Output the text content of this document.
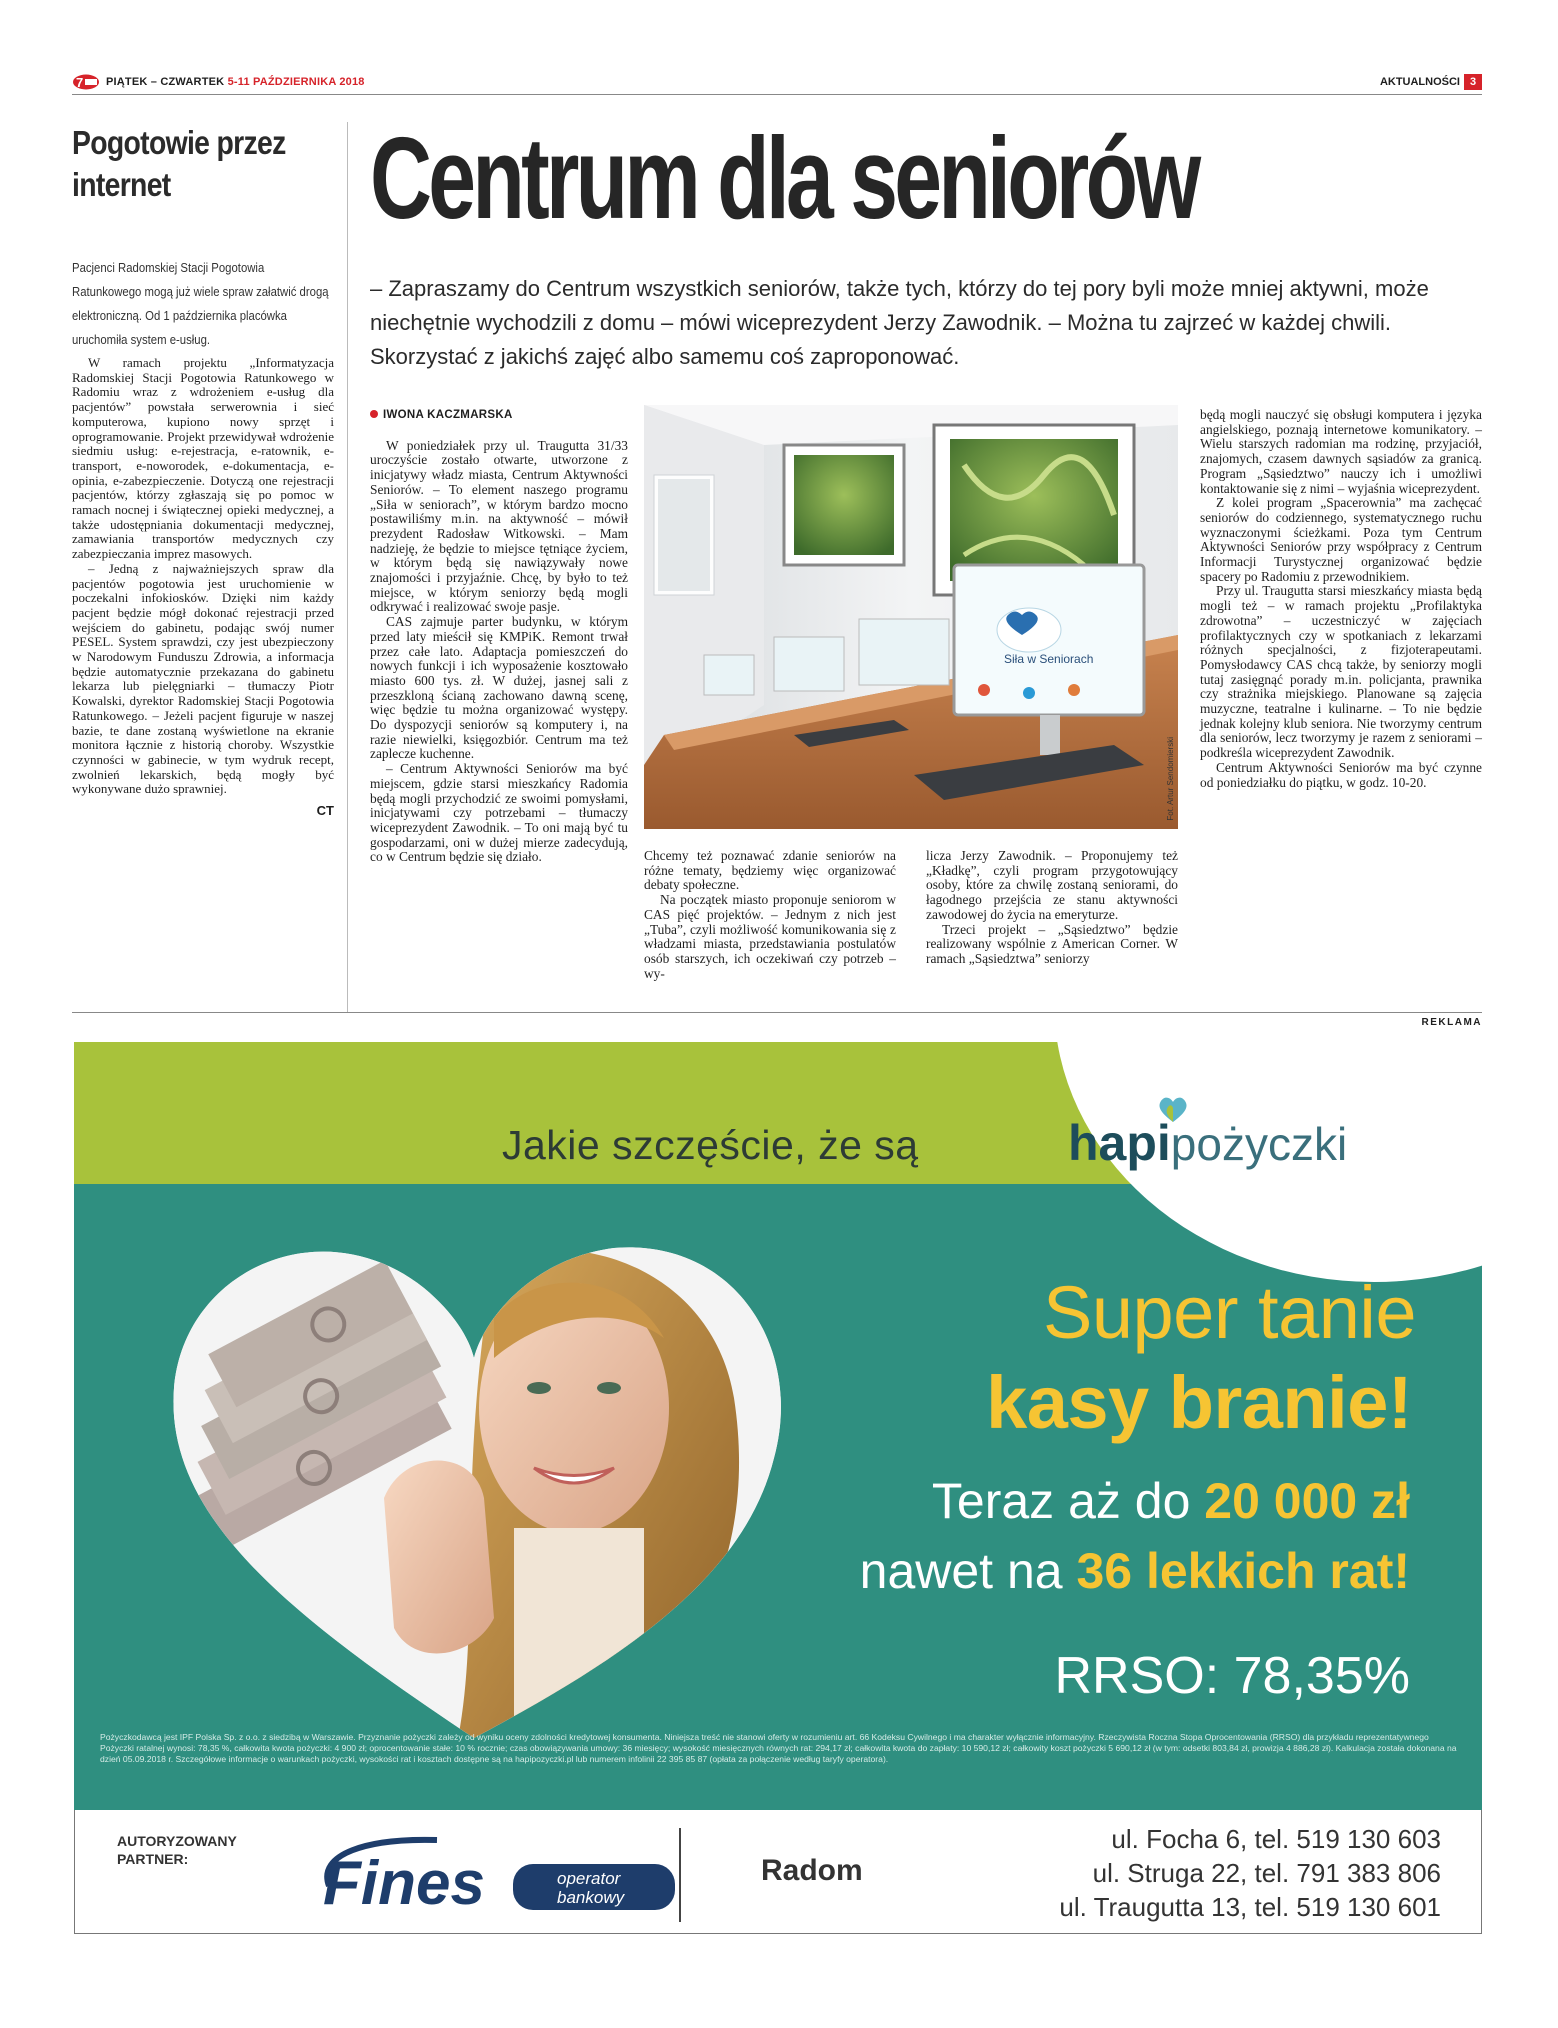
7 PIĄTEK – CZWARTEK 5-11 PAŹDZIERNIKA 2018	AKTUALNOŚCI 3
Pogotowie przez internet
Pacjenci Radomskiej Stacji Pogotowia Ratunkowego mogą już wiele spraw załatwić drogą elektroniczną. Od 1 października placówka uruchomiła system e-usług.

W ramach projektu „Informatyzacja Radomskiej Stacji Pogotowia Ratunkowego w Radomiu wraz z wdrożeniem e-usług dla pacjentów” powstała serwerownia i sieć komputerowa, kupiono nowy sprzęt i oprogramowanie. Projekt przewidywał wdrożenie siedmiu usług: e-rejestracja, e-ratownik, e-transport, e-noworodek, e-dokumentacja, e-opinia, e-zabezpieczenie. Dotyczą one rejestracji pacjentów, którzy zgłaszają się po pomoc w ramach nocnej i świątecznej opieki medycznej, a także udostępniania dokumentacji medycznej, zamawiania transportów medycznych czy zabezpieczania imprez masowych.

– Jedną z najważniejszych spraw dla pacjentów pogotowia jest uruchomienie w poczekalni infokiosków. Dzięki nim każdy pacjent będzie mógł dokonać rejestracji przed wejściem do gabinetu, podając swój numer PESEL. System sprawdzi, czy jest ubezpieczony w Narodowym Funduszu Zdrowia, a informacja będzie automatycznie przekazana do gabinetu lekarza lub pielęgniarki – tłumaczy Piotr Kowalski, dyrektor Radomskiej Stacji Pogotowia Ratunkowego. – Jeżeli pacjent figuruje w naszej bazie, te dane zostaną wyświetlone na ekranie monitora łącznie z historią choroby. Wszystkie czynności w gabinecie, w tym wydruk recept, zwolnień lekarskich, będą mogły być wykonywane dużo sprawniej.

CT
Centrum dla seniorów
– Zapraszamy do Centrum wszystkich seniorów, także tych, którzy do tej pory byli może mniej aktywni, może niechętnie wychodzili z domu – mówi wiceprezydent Jerzy Zawodnik. – Można tu zajrzeć w każdej chwili. Skorzystać z jakichś zajęć albo samemu coś zaproponować.

IWONA KACZMARSKA

W poniedziałek przy ul. Traugutta 31/33 uroczyście zostało otwarte, utworzone z inicjatywy władz miasta, Centrum Aktywności Seniorów. – To element naszego programu „Siła w seniorach”, w którym bardzo mocno postawiliśmy m.in. na aktywność – mówił prezydent Radosław Witkowski. – Mam nadzieję, że będzie to miejsce tętniące życiem, w którym będą się nawiązywały nowe znajomości i przyjaźnie. Chcę, by było to też miejsce, w którym seniorzy będą mogli odkrywać i realizować swoje pasje.

CAS zajmuje parter budynku, w którym przed laty mieścił się KMPiK. Remont trwał przez całe lato. Adaptacja pomieszczeń do nowych funkcji i ich wyposażenie kosztowało miasto 600 tys. zł. W dużej, jasnej sali z przeszkloną ścianą zachowano dawną scenę, więc będzie tu można organizować występy. Do dyspozycji seniorów są komputery i, na razie niewielki, księgozbiór. Centrum ma też zaplecze kuchenne.

– Centrum Aktywności Seniorów ma być miejscem, gdzie starsi mieszkańcy Radomia będą mogli przychodzić ze swoimi pomysłami, inicjatywami czy potrzebami – tłumaczy wiceprezydent Zawodnik. – To oni mają być tu gospodarzami, oni w dużej mierze zadecydują, co w Centrum będzie się działo.

Siła w Seniorach
Fot. Artur Sendomierski

Chcemy też poznawać zdanie seniorów na różne tematy, będziemy więc organizować debaty społeczne.

Na początek miasto proponuje seniorom w CAS pięć projektów. – Jednym z nich jest „Tuba”, czyli możliwość komunikowania się z władzami miasta, przedstawiania postulatów osób starszych, ich oczekiwań czy potrzeb – wy-

licza Jerzy Zawodnik. – Proponujemy też „Kładkę”, czyli program przygotowujący osoby, które za chwilę zostaną seniorami, do łagodnego przejścia ze stanu aktywności zawodowej do życia na emeryturze.

Trzeci projekt – „Sąsiedztwo” będzie realizowany wspólnie z American Corner. W ramach „Sąsiedztwa” seniorzy

będą mogli nauczyć się obsługi komputera i języka angielskiego, poznają internetowe komunikatory. – Wielu starszych radomian ma rodzinę, przyjaciół, znajomych, czasem dawnych sąsiadów za granicą. Program „Sąsiedztwo” nauczy ich i umożliwi kontaktowanie się z nimi – wyjaśnia wiceprezydent.

Z kolei program „Spacerownia” ma zachęcać seniorów do codziennego, systematycznego ruchu wyznaczonymi ścieżkami. Poza tym Centrum Aktywności Seniorów przy współpracy z Centrum Informacji Turystycznej organizować będzie spacery po Radomiu z przewodnikiem.

Przy ul. Traugutta starsi mieszkańcy miasta będą mogli też – w ramach projektu „Profilaktyka zdrowotna” – uczestniczyć w zajęciach profilaktycznych czy w spotkaniach z lekarzami różnych specjalności, z fizjoterapeutami. Pomysłodawcy CAS chcą także, by seniorzy mogli tutaj zasięgnąć porady m.in. policjanta, prawnika czy strażnika miejskiego. Planowane są zajęcia muzyczne, teatralne i kulinarne. – To nie będzie jednak kolejny klub seniora. Nie tworzymy centrum dla seniorów, lecz tworzymy je razem z seniorami – podkreśla wiceprezydent Zawodnik.

Centrum Aktywności Seniorów ma być czynne od poniedziałku do piątku, w godz. 10-20.

REKLAMA
Jakie szczęście, że są	hapipożyczki
Super tanie
kasy branie!
Teraz aż do 20 000 zł
nawet na 36 lekkich rat!
RRSO: 78,35%
Pożyczkodawcą jest IPF Polska Sp. z o.o. z siedzibą w Warszawie. Przyznanie pożyczki zależy od wyniku oceny zdolności kredytowej konsumenta. Niniejsza treść nie stanowi oferty w rozumieniu art. 66 Kodeksu Cywilnego i ma charakter wyłącznie informacyjny. Rzeczywista Roczna Stopa Oprocentowania (RRSO) dla przykładu reprezentatywnego Pożyczki ratalnej wynosi: 78,35 %, całkowita kwota pożyczki: 4 900 zł; oprocentowanie stałe: 10 % rocznie; czas obowiązywania umowy: 36 miesięcy; wysokość miesięcznych równych rat: 294,17 zł; całkowita kwota do zapłaty: 10 590,12 zł; całkowity koszt pożyczki 5 690,12 zł (w tym: odsetki 803,84 zł, prowizja 4 886,28 zł). Kalkulacja została dokonana na dzień 05.09.2018 r. Szczegółowe informacje o warunkach pożyczki, wysokości rat i kosztach dostępne są na hapipozyczki.pl lub numerem infolinii 22 395 85 87 (opłata za połączenie według taryfy operatora).
AUTORYZOWANY PARTNER:	Fines	operator
bankowy
Radom
ul. Focha 6, tel. 519 130 603
ul. Struga 22, tel. 791 383 806
ul. Traugutta 13, tel. 519 130 601
